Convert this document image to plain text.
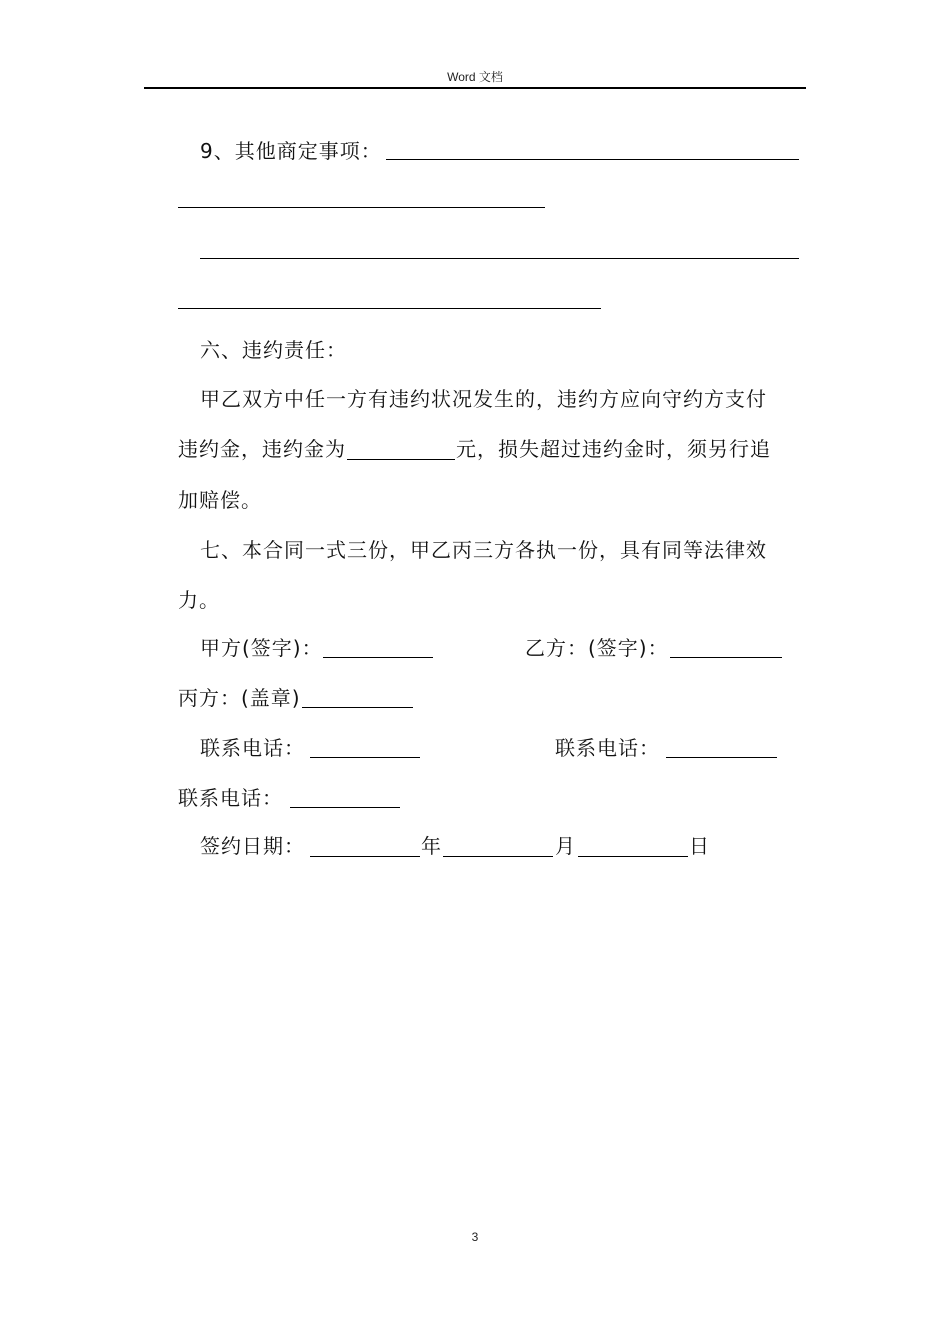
Word 文档
9、其他商定事项：
六、违约责任：
甲乙双方中任一方有违约状况发生的，违约方应向守约方支付
违约金，违约金为	元，损失超过违约金时，须另行追
加赔偿。
七、本合同一式三份，甲乙丙三方各执一份，具有同等法律效
力。
甲方(签字)：	乙方：(签字)：
丙方：(盖章)
联系电话：	联系电话：
联系电话：
签约日期：	年	月	日
3
